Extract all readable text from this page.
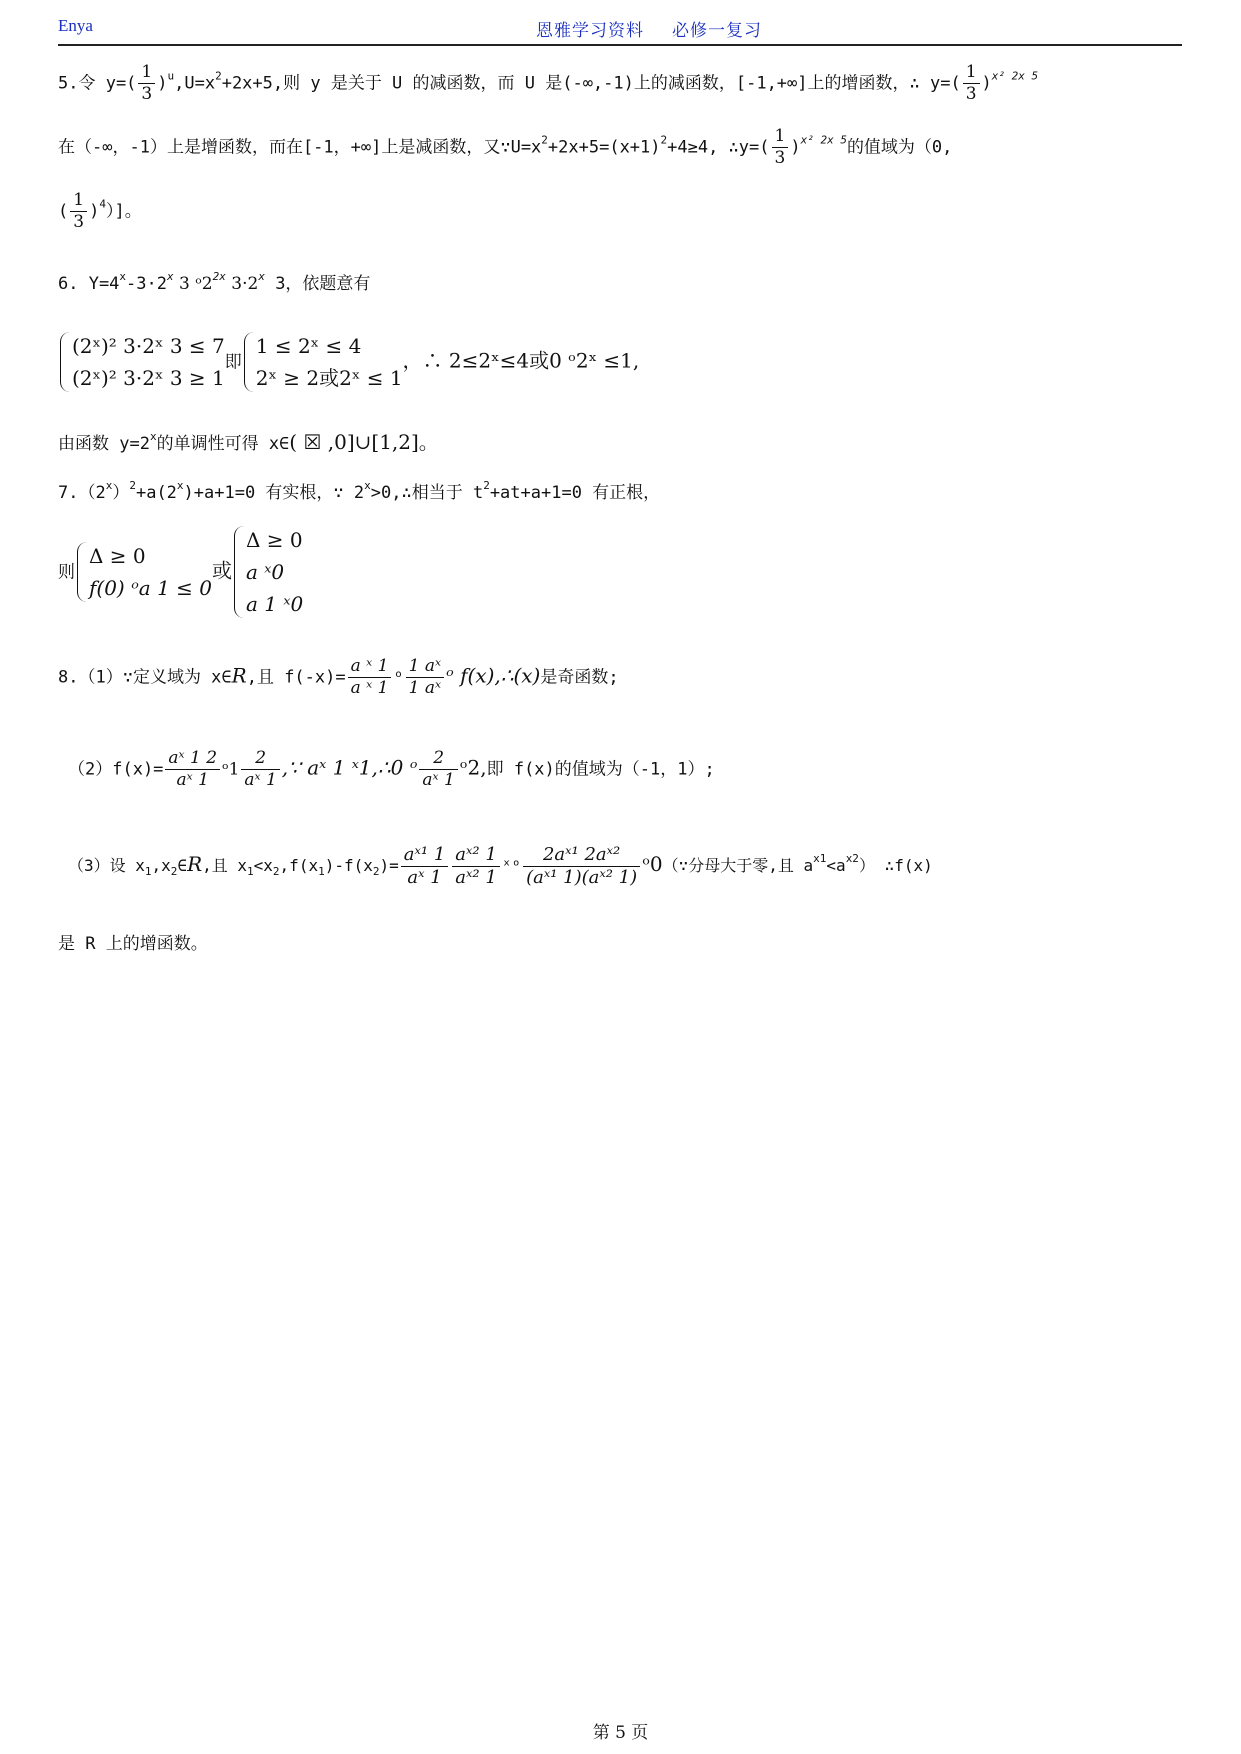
Enya	恩雅学习资料 必修一复习
5.令 $y=( \frac{1}{3} )^u,U=x^2+2x+5$,则 y 是关于 U 的减函数，而 U 是(-∞,-1)上的减函数，[-1,+∞]上的增函数，∴ $y=( \frac{1}{3} )^{x^2 2x 5}$
在（-∞，-1）上是增函数，而在[-1，+∞]上是减函数，又$\because U=x^2+2x+5=(x+1)^2+4\ge 4$, ∴y=( $\frac{1}{3} )^{x^2 2x 5}$的值域为（0,
( $\frac{1}{3} )^4$）]。
6. $Y=4^x-3\cdot 2^x$ 3 $ᵒ2^{2x}$ $3\cdot 2^x$ 3，依题意有
(2ˣ)² 3·2ˣ 3 ≤ 7
(2ˣ)² 3·2ˣ 3 ≥ 1
即
1 ≤ 2ˣ ≤ 4
2ˣ ≥ 2或2ˣ ≤ 1
，∴ 2≤2ˣ≤4或0 ᵒ2ˣ ≤1,
由函数 $y=2^x$的单调性可得 x∈( ☒ ,0]∪[1,2]。
$7.(2^x)^2+a(2^x)+a+1=0$ 有实根，∵ $2^x>0,\therefore$相当于 $t^2+at+a+1=0$ 有正根，
则
Δ ≥ 0
f(0) ᵒa 1 ≤ 0
或
Δ ≥ 0
a ˣ0
a 1 ˣ0
8.（1）∵定义域为 x∈R,且 $f(-x)= \frac{\text{a ˣ 1}}{\text{a ˣ 1}}$ ᵒ $\frac{\text{1 aˣ}}{\text{1 aˣ}}$ ᵒ f(x),∴(x)是奇函数;
$(2)f(x)= \frac{\text{aˣ 1 2}}{\text{aˣ 1}}$ ᵒ1 $\frac{2}{\text{aˣ 1}}$ ,∵ aˣ 1 ˣ1,∴0 ᵒ $\frac{2}{\text{aˣ 1}}$ ᵒ2,即 f(x)的值域为（-1，1）;
（3）设 $x_1,x_2\in R$,且 $x_1<x_2,f(x_1)-f(x_2)= \frac{\text{aˣ¹ 1}}{\text{aˣ 1}} \frac{\text{aˣ² 1}}{\text{aˣ² 1}}$ ˣᵒ $\frac{\text{2aˣ¹ 2aˣ²}}{\text{(aˣ¹ 1)(aˣ² 1)}}$ ᵒ0（∵分母大于零,且 $a^{x1}<a^{x2}$） ∴f(x)
是 R 上的增函数。
第 5 页
